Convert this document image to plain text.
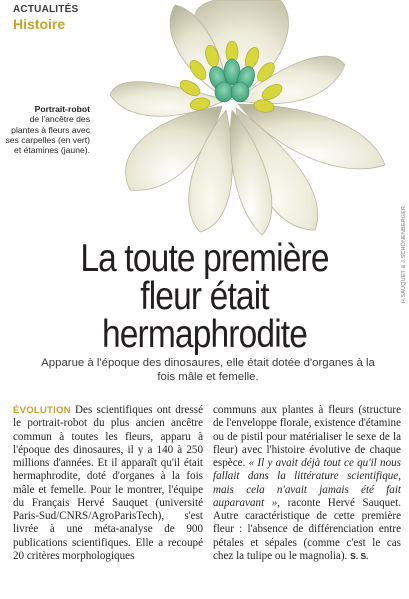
ACTUALITÉS
Histoire
Portrait-robot
de l'ancêtre des plantes à fleurs avec ses carpelles (en vert) et étamines (jaune).
H.SAUQUET & J.SCHÖNENBERGER
La toute première
fleur était
hermaphrodite

Apparue à l'époque des dinosaures, elle était dotée d'organes à la fois mâle et femelle.

ÉVOLUTION Des scientifiques ont dressé le portrait-robot du plus ancien ancêtre commun à toutes les fleurs, apparu à l'époque des dinosaures, il y a 140 à 250 millions d'années. Et il apparaît qu'il était hermaphrodite, doté d'organes à la fois mâle et femelle. Pour le montrer, l'équipe du Français Hervé Sauquet (université Paris-Sud/CNRS/AgroParisTech), s'est livrée à une méta-analyse de 900 publications scientifiques. Elle a recoupé 20 critères morphologiques
communs aux plantes à fleurs (structure de l'enveloppe florale, existence d'étamine ou de pistil pour matérialiser le sexe de la fleur) avec l'histoire évolutive de chaque espèce. « Il y avait déjà tout ce qu'il nous fallait dans la littérature scientifique, mais cela n'avait jamais été fait auparavant », raconte Hervé Sauquet. Autre caractéristique de cette première fleur : l'absence de différenciation entre pétales et sépales (comme c'est le cas chez la tulipe ou le magnolia). S. S.
